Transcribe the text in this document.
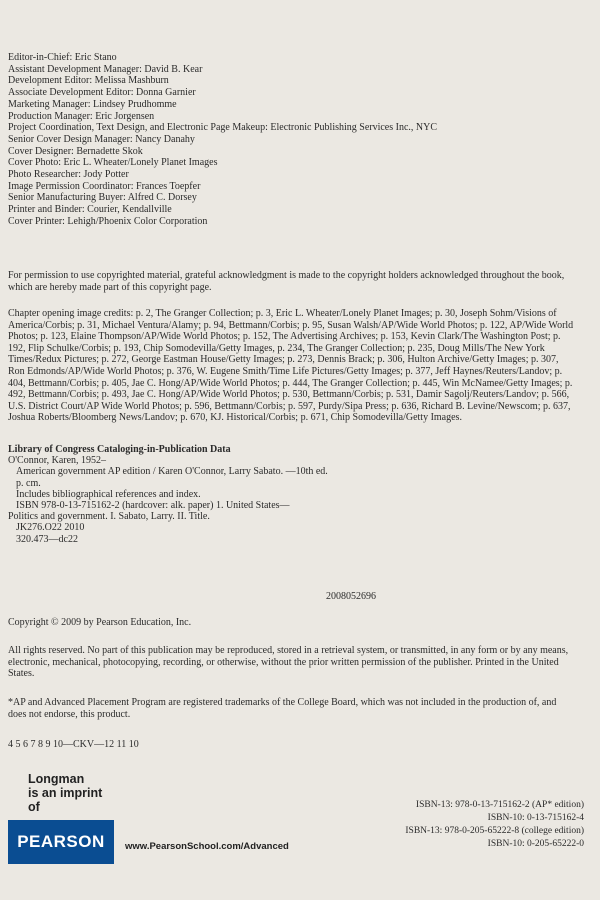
Editor-in-Chief: Eric Stano
Assistant Development Manager: David B. Kear
Development Editor: Melissa Mashburn
Associate Development Editor: Donna Garnier
Marketing Manager: Lindsey Prudhomme
Production Manager: Eric Jorgensen
Project Coordination, Text Design, and Electronic Page Makeup: Electronic Publishing Services Inc., NYC
Senior Cover Design Manager: Nancy Danahy
Cover Designer: Bernadette Skok
Cover Photo: Eric L. Wheater/Lonely Planet Images
Photo Researcher: Jody Potter
Image Permission Coordinator: Frances Toepfer
Senior Manufacturing Buyer: Alfred C. Dorsey
Printer and Binder: Courier, Kendallville
Cover Printer: Lehigh/Phoenix Color Corporation
For permission to use copyrighted material, grateful acknowledgment is made to the copyright holders acknowledged throughout the book, which are hereby made part of this copyright page.
Chapter opening image credits: p. 2, The Granger Collection; p. 3, Eric L. Wheater/Lonely Planet Images; p. 30, Joseph Sohm/Visions of America/Corbis; p. 31, Michael Ventura/Alamy; p. 94, Bettmann/Corbis; p. 95, Susan Walsh/AP/Wide World Photos; p. 122, AP/Wide World Photos; p. 123, Elaine Thompson/AP/Wide World Photos; p. 152, The Advertising Archives; p. 153, Kevin Clark/The Washington Post; p. 192, Flip Schulke/Corbis; p. 193, Chip Somodevilla/Getty Images, p. 234, The Granger Collection; p. 235, Doug Mills/The New York Times/Redux Pictures; p. 272, George Eastman House/Getty Images; p. 273, Dennis Brack; p. 306, Hulton Archive/Getty Images; p. 307, Ron Edmonds/AP/Wide World Photos; p. 376, W. Eugene Smith/Time Life Pictures/Getty Images; p. 377, Jeff Haynes/Reuters/Landov; p. 404, Bettmann/Corbis; p. 405, Jae C. Hong/AP/Wide World Photos; p. 444, The Granger Collection; p. 445, Win McNamee/Getty Images; p. 492, Bettmann/Corbis; p. 493, Jae C. Hong/AP/Wide World Photos; p. 530, Bettmann/Corbis; p. 531, Damir Sagolj/Reuters/Landov; p. 566, U.S. District Court/AP Wide World Photos; p. 596, Bettmann/Corbis; p. 597, Purdy/Sipa Press; p. 636, Richard B. Levine/Newscom; p. 637, Joshua Roberts/Bloomberg News/Landov; p. 670, KJ. Historical/Corbis; p. 671, Chip Somodevilla/Getty Images.
Library of Congress Cataloging-in-Publication Data
O'Connor, Karen, 1952–
American government AP edition / Karen O'Connor, Larry Sabato. —10th ed.
p. cm.
Includes bibliographical references and index.
ISBN 978-0-13-715162-2 (hardcover: alk. paper) 1. United States—
Politics and government. I. Sabato, Larry. II. Title.
JK276.O22 2010
320.473—dc22
2008052696
Copyright © 2009 by Pearson Education, Inc.
All rights reserved. No part of this publication may be reproduced, stored in a retrieval system, or transmitted, in any form or by any means, electronic, mechanical, photocopying, recording, or otherwise, without the prior written permission of the publisher. Printed in the United States.
*AP and Advanced Placement Program are registered trademarks of the College Board, which was not included in the production of, and does not endorse, this product.
4 5 6 7 8 9 10—CKV—12 11 10
Longman
is an imprint of
PEARSON www.PearsonSchool.com/Advanced
ISBN-13: 978-0-13-715162-2 (AP* edition)
ISBN-10: 0-13-715162-4
ISBN-13: 978-0-205-65222-8 (college edition)
ISBN-10: 0-205-65222-0
